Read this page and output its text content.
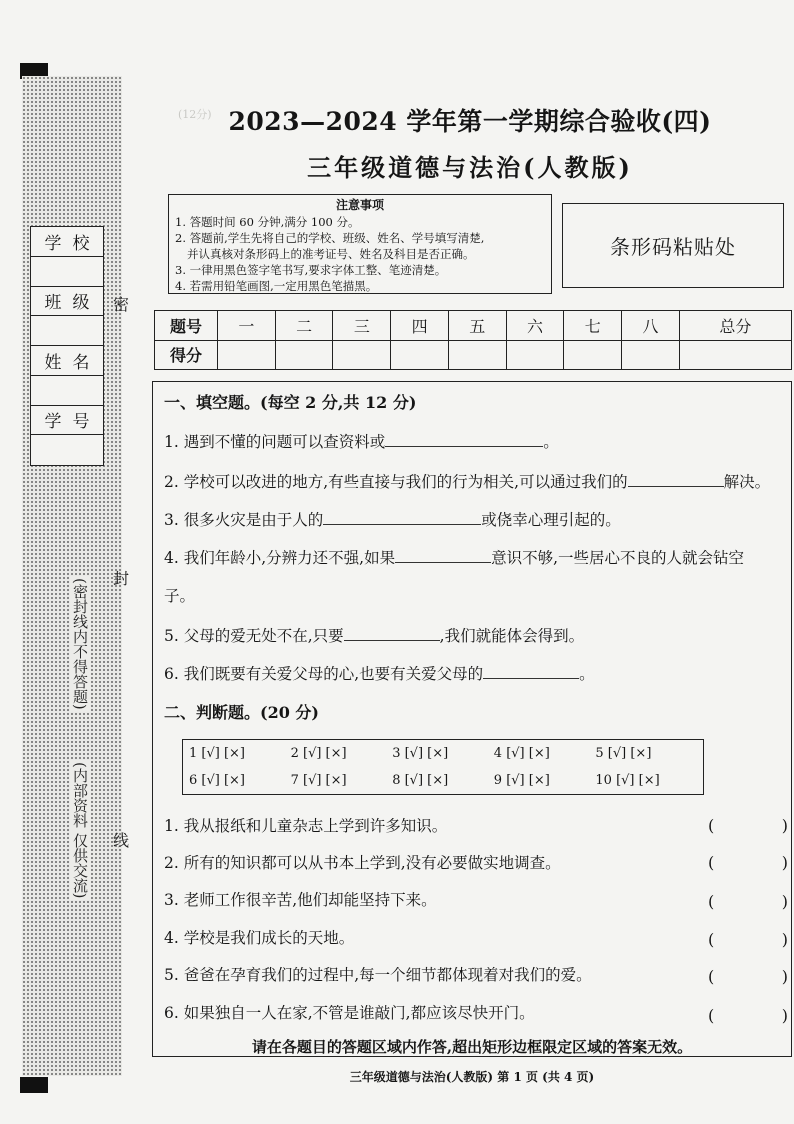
学 校
班 级
姓 名
学 号
密
封
线
(密封线内不得答题)
(内部资料 仅供交流)
(12分) 2023—2024 学年第一学期综合验收(四)
三年级道德与法治(人教版)
注意事项
1. 答题时间 60 分钟,满分 100 分。
2. 答题前,学生先将自己的学校、班级、姓名、学号填写清楚,
并认真核对条形码上的准考证号、姓名及科目是否正确。
3. 一律用黑色签字笔书写,要求字体工整、笔迹清楚。
4. 若需用铅笔画图,一定用黑色笔描黑。
条形码粘贴处
题号	一	二	三	四	五	六	七	八	总分
得分									
一、填空题。(每空 2 分,共 12 分)
1. 遇到不懂的问题可以查资料或	。
2. 学校可以改进的地方,有些直接与我们的行为相关,可以通过我们的	解决。
3. 很多火灾是由于人的	或侥幸心理引起的。
4. 我们年龄小,分辨力还不强,如果	意识不够,一些居心不良的人就会钻空
子。
5. 父母的爱无处不在,只要	,我们就能体会得到。
6. 我们既要有关爱父母的心,也要有关爱父母的	。
二、判断题。(20 分)
1 [√] [×]	2 [√] [×]	3 [√] [×]	4 [√] [×]	5 [√] [×]
6 [√] [×]	7 [√] [×]	8 [√] [×]	9 [√] [×]	10 [√] [×]
1. 我从报纸和儿童杂志上学到许多知识。	(	)
2. 所有的知识都可以从书本上学到,没有必要做实地调查。	(	)
3. 老师工作很辛苦,他们却能坚持下来。	(	)
4. 学校是我们成长的天地。	(	)
5. 爸爸在孕育我们的过程中,每一个细节都体现着对我们的爱。	(	)
6. 如果独自一人在家,不管是谁敲门,都应该尽快开门。	(	)
请在各题目的答题区域内作答,超出矩形边框限定区域的答案无效。
三年级道德与法治(人教版) 第 1 页 (共 4 页)
